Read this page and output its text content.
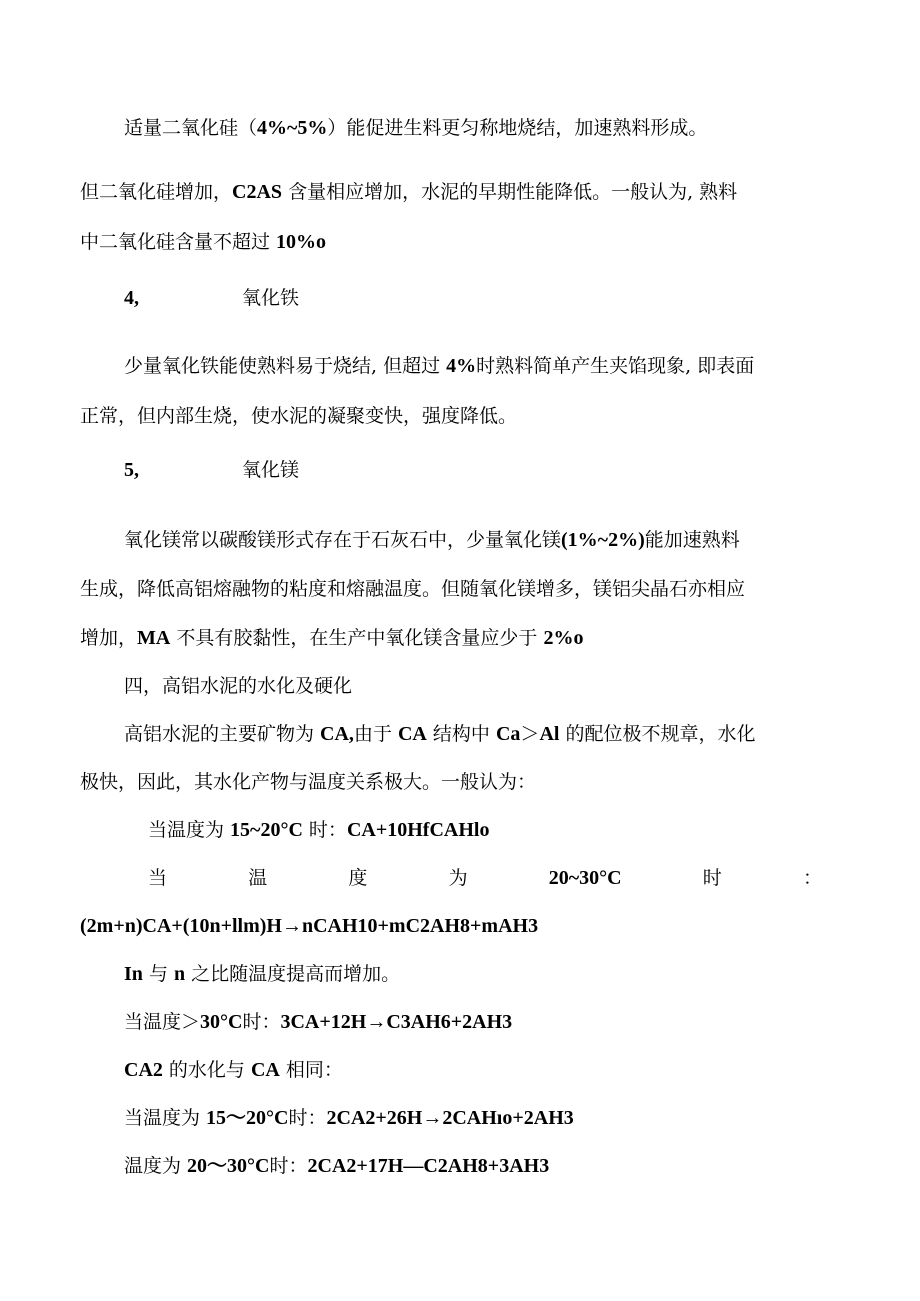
适量二氧化硅（4%~5%）能促进生料更匀称地烧结，加速熟料形成。
但二氧化硅增加，C2AS 含量相应增加，水泥的早期性能降低。一般认为, 熟料
中二氧化硅含量不超过 10%o
4,	氧化铁
少量氧化铁能使熟料易于烧结, 但超过 4%时熟料简单产生夹馅现象, 即表面
正常，但内部生烧，使水泥的凝聚变快，强度降低。
5,	氧化镁
氧化镁常以碳酸镁形式存在于石灰石中，少量氧化镁(1%~2%)能加速熟料
生成，降低高铝熔融物的粘度和熔融温度。但随氧化镁增多，镁铝尖晶石亦相应
增加，MA 不具有胶黏性，在生产中氧化镁含量应少于 2%o
四，高铝水泥的水化及硬化
高铝水泥的主要矿物为 CA,由于 CA 结构中 Ca＞Al 的配位极不规章，水化
极快，因此，其水化产物与温度关系极大。一般认为：
当温度为 15~20°C 时：CA+10HfCAHlo
当	温	度	为	20~30°C	时	：
(2m+n)CA+(10n+llm)H→nCAH10+mC2AH8+mAH3
In 与 n 之比随温度提高而增加。
当温度＞30°C时：3CA+12H→C3AH6+2AH3
CA2 的水化与 CA 相同：
当温度为 15～20°C时：2CA2+26H→2CAHıo+2AH3
温度为 20～30°C时：2CA2+17H—C2AH8+3AH3
